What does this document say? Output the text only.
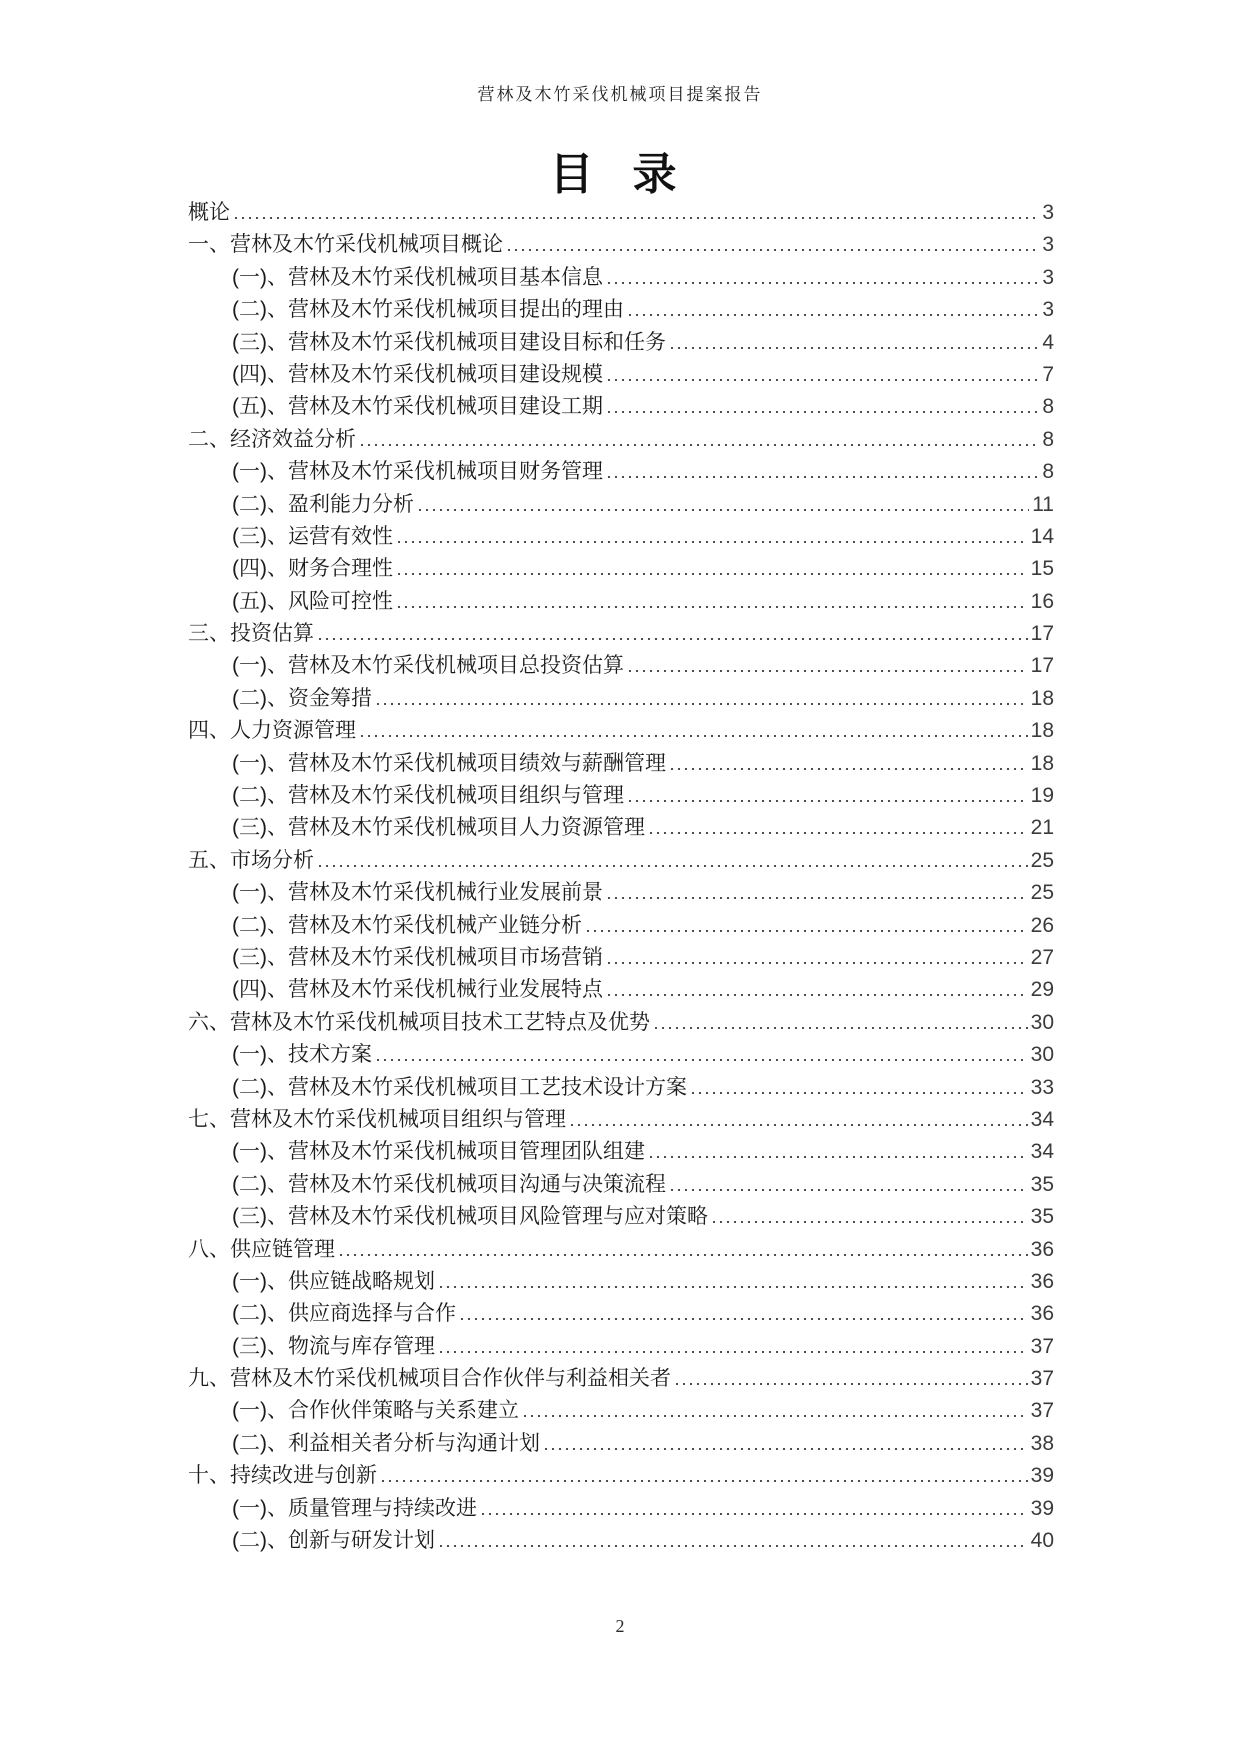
营林及木竹采伐机械项目提案报告
目 录
概论	3
一、营林及木竹采伐机械项目概论	3
(一)、营林及木竹采伐机械项目基本信息	3
(二)、营林及木竹采伐机械项目提出的理由	3
(三)、营林及木竹采伐机械项目建设目标和任务	4
(四)、营林及木竹采伐机械项目建设规模	7
(五)、营林及木竹采伐机械项目建设工期	8
二、经济效益分析	8
(一)、营林及木竹采伐机械项目财务管理	8
(二)、盈利能力分析	11
(三)、运营有效性	14
(四)、财务合理性	15
(五)、风险可控性	16
三、投资估算	17
(一)、营林及木竹采伐机械项目总投资估算	17
(二)、资金筹措	18
四、人力资源管理	18
(一)、营林及木竹采伐机械项目绩效与薪酬管理	18
(二)、营林及木竹采伐机械项目组织与管理	19
(三)、营林及木竹采伐机械项目人力资源管理	21
五、市场分析	25
(一)、营林及木竹采伐机械行业发展前景	25
(二)、营林及木竹采伐机械产业链分析	26
(三)、营林及木竹采伐机械项目市场营销	27
(四)、营林及木竹采伐机械行业发展特点	29
六、营林及木竹采伐机械项目技术工艺特点及优势	30
(一)、技术方案	30
(二)、营林及木竹采伐机械项目工艺技术设计方案	33
七、营林及木竹采伐机械项目组织与管理	34
(一)、营林及木竹采伐机械项目管理团队组建	34
(二)、营林及木竹采伐机械项目沟通与决策流程	35
(三)、营林及木竹采伐机械项目风险管理与应对策略	35
八、供应链管理	36
(一)、供应链战略规划	36
(二)、供应商选择与合作	36
(三)、物流与库存管理	37
九、营林及木竹采伐机械项目合作伙伴与利益相关者	37
(一)、合作伙伴策略与关系建立	37
(二)、利益相关者分析与沟通计划	38
十、持续改进与创新	39
(一)、质量管理与持续改进	39
(二)、创新与研发计划	40
2
